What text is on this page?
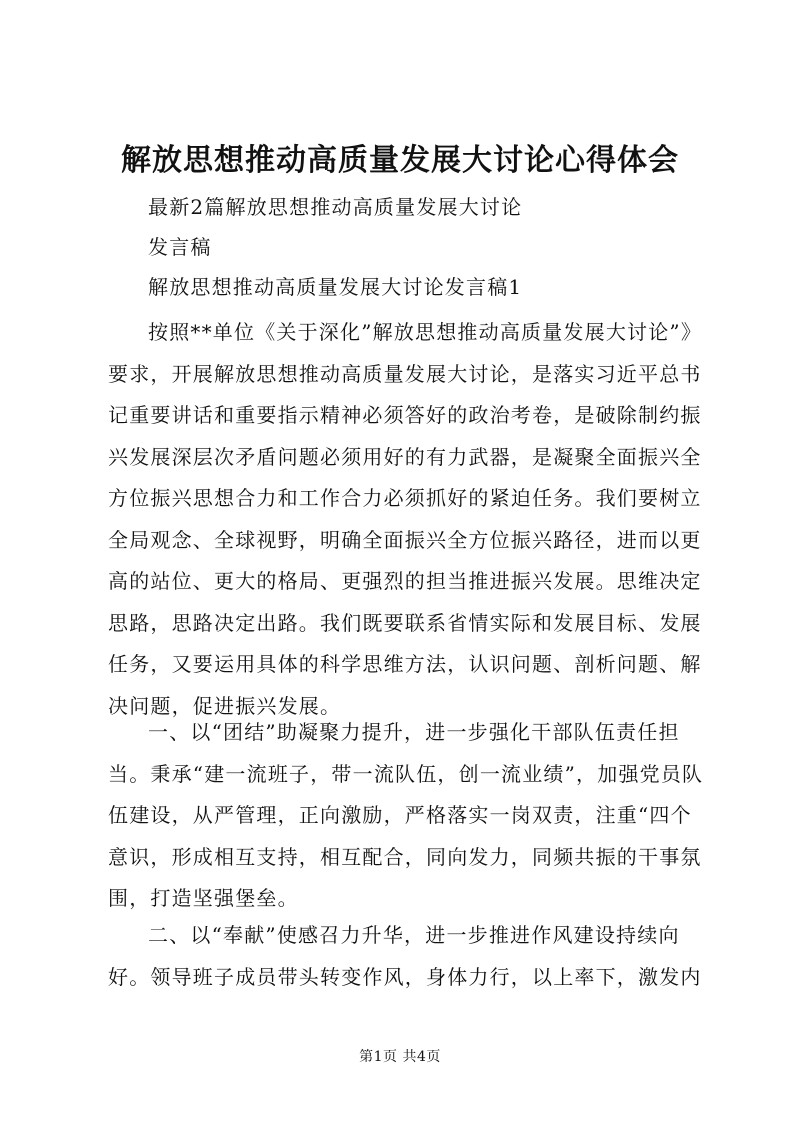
解放思想推动高质量发展大讨论心得体会
最新2篇解放思想推动高质量发展大讨论
发言稿
解放思想推动高质量发展大讨论发言稿1

按照**单位《关于深化”解放思想推动高质量发展大讨论”》要求，开展解放思想推动高质量发展大讨论，是落实习近平总书记重要讲话和重要指示精神必须答好的政治考卷，是破除制约振兴发展深层次矛盾问题必须用好的有力武器，是凝聚全面振兴全方位振兴思想合力和工作合力必须抓好的紧迫任务。我们要树立全局观念、全球视野，明确全面振兴全方位振兴路径，进而以更高的站位、更大的格局、更强烈的担当推进振兴发展。思维决定思路，思路决定出路。我们既要联系省情实际和发展目标、发展任务，又要运用具体的科学思维方法，认识问题、剖析问题、解决问题，促进振兴发展。

一、以“团结”助凝聚力提升，进一步强化干部队伍责任担当。秉承“建一流班子，带一流队伍，创一流业绩”，加强党员队伍建设，从严管理，正向激励，严格落实一岗双责，注重“四个意识，形成相互支持，相互配合，同向发力，同频共振的干事氛围，打造坚强堡垒。

二、以“奉献”使感召力升华，进一步推进作风建设持续向好。领导班子成员带头转变作风，身体力行，以上率下，激发内

第1页 共4页
